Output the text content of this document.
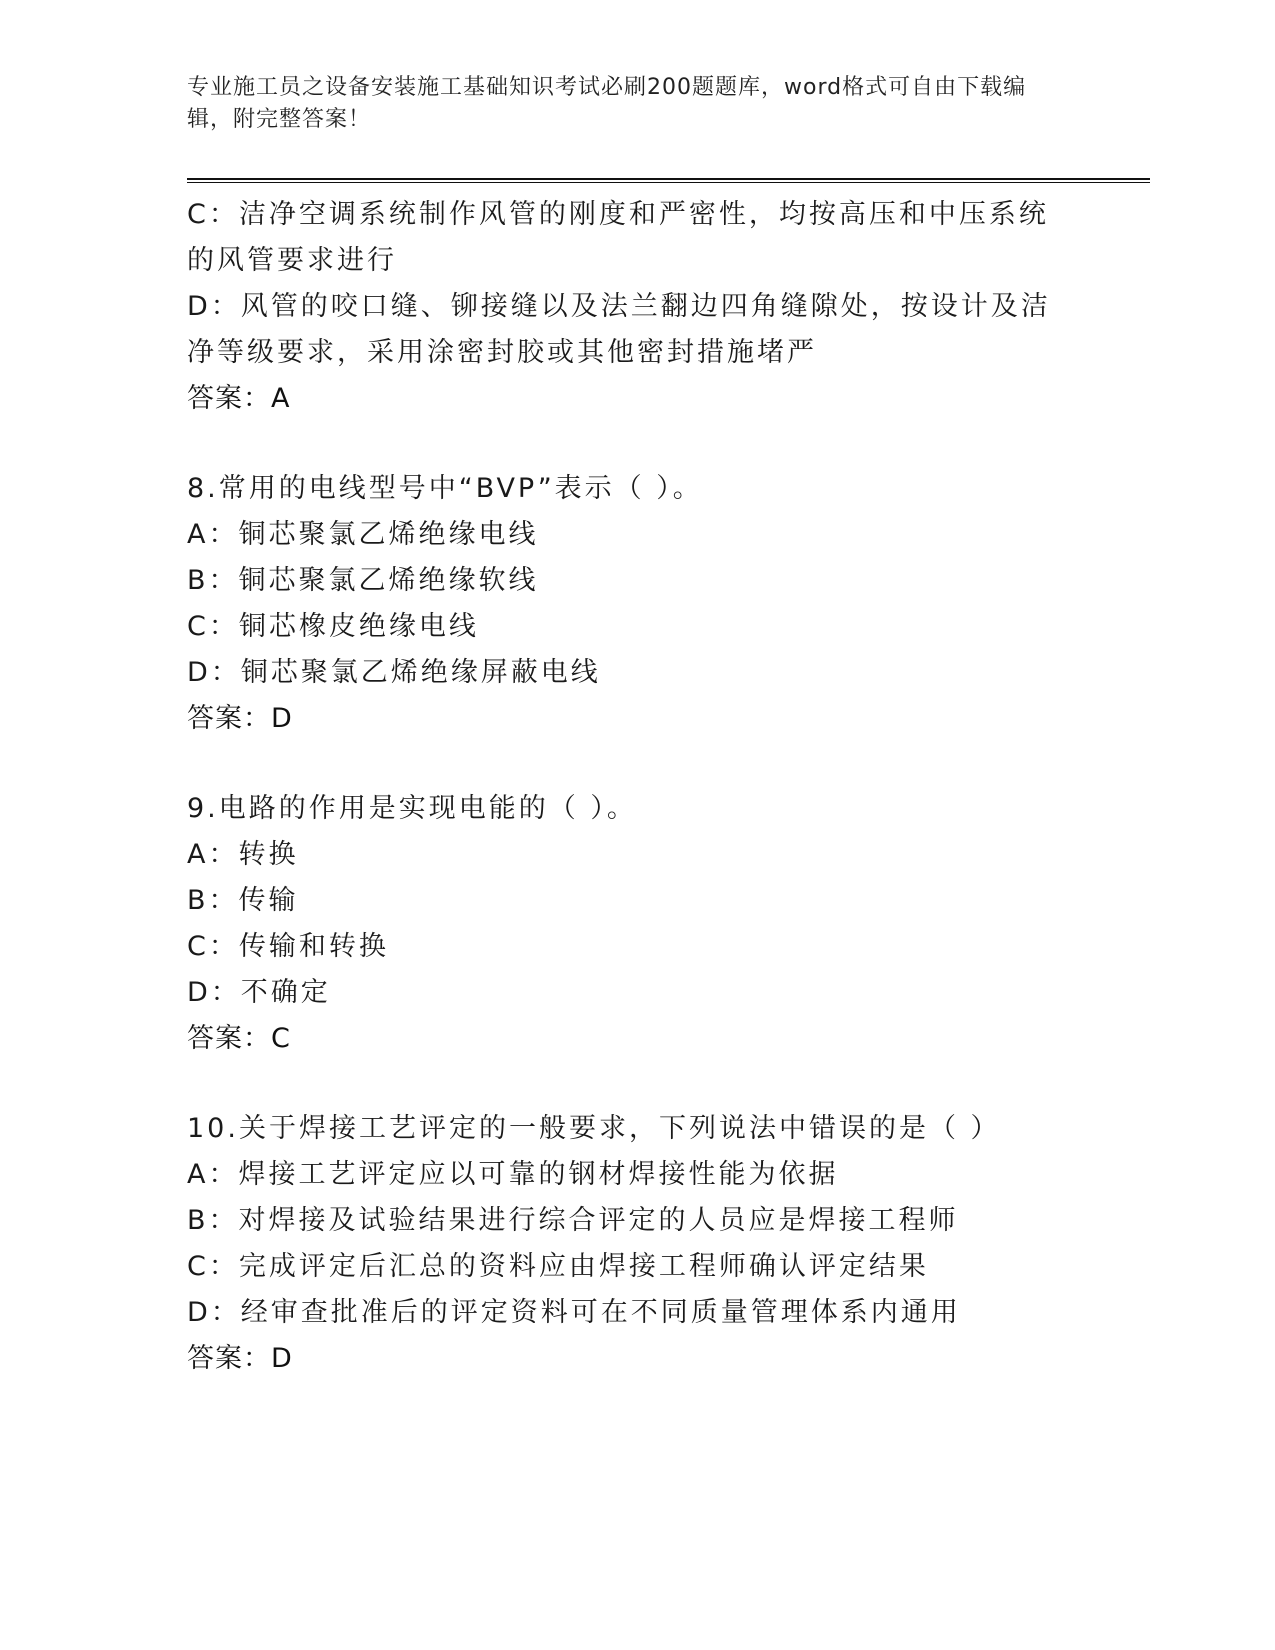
专业施工员之设备安装施工基础知识考试必刷200题题库，word格式可自由下载编辑，附完整答案！
C：洁净空调系统制作风管的刚度和严密性，均按高压和中压系统的风管要求进行
D：风管的咬口缝、铆接缝以及法兰翻边四角缝隙处，按设计及洁净等级要求，采用涂密封胶或其他密封措施堵严
答案：A
8.常用的电线型号中“BVP”表示（ ）。
A：铜芯聚氯乙烯绝缘电线
B：铜芯聚氯乙烯绝缘软线
C：铜芯橡皮绝缘电线
D：铜芯聚氯乙烯绝缘屏蔽电线
答案：D
9.电路的作用是实现电能的（ ）。
A：转换
B：传输
C：传输和转换
D：不确定
答案：C
10.关于焊接工艺评定的一般要求，下列说法中错误的是（ ）
A：焊接工艺评定应以可靠的钢材焊接性能为依据
B：对焊接及试验结果进行综合评定的人员应是焊接工程师
C：完成评定后汇总的资料应由焊接工程师确认评定结果
D：经审查批准后的评定资料可在不同质量管理体系内通用
答案：D
